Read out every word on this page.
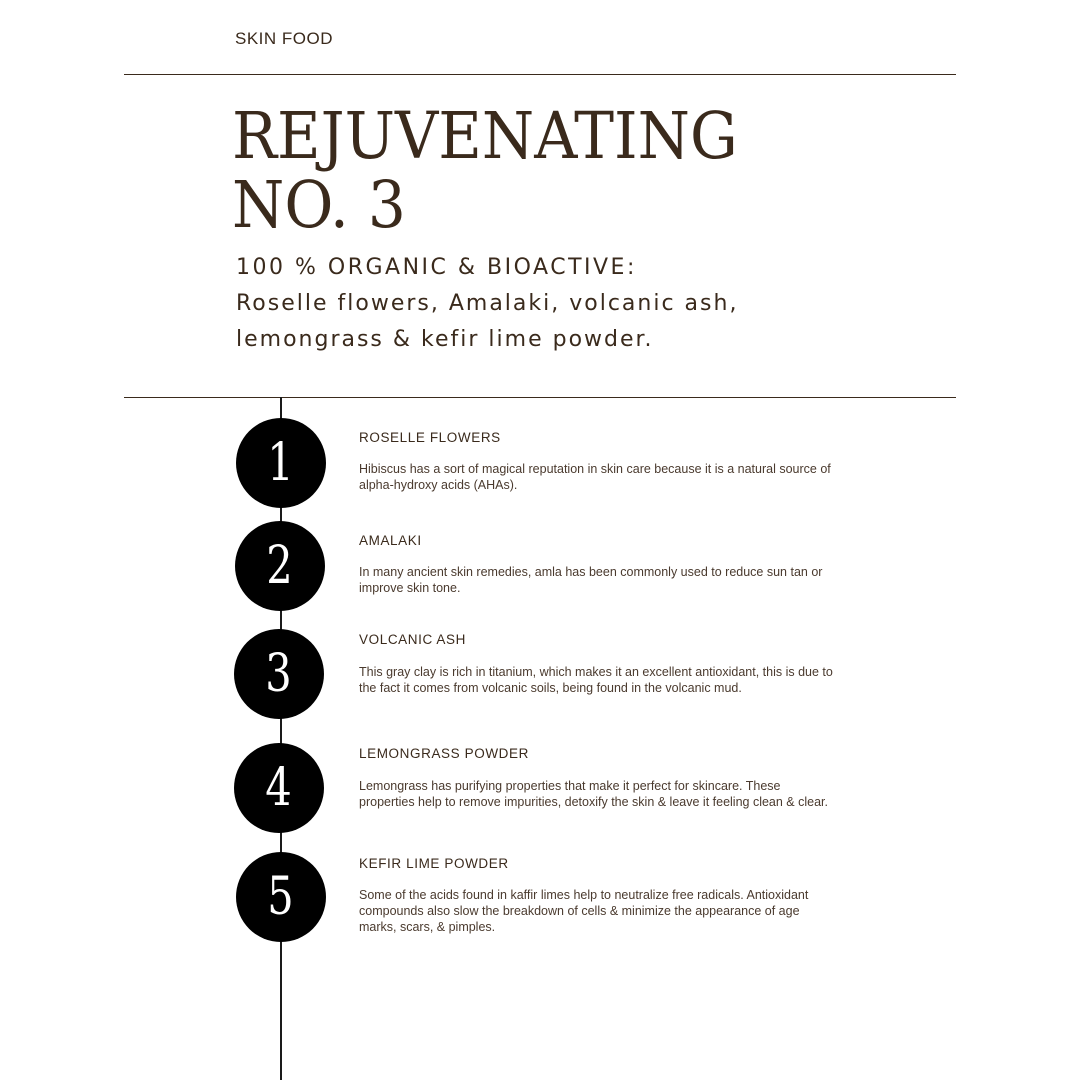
SKIN FOOD
REJUVENATING
NO. 3
100 % ORGANIC & BIOACTIVE:
Roselle flowers, Amalaki, volcanic ash, lemongrass & kefir lime powder.
1	ROSELLE FLOWERS
Hibiscus has a sort of magical reputation in skin care because it is a natural source of alpha-hydroxy acids (AHAs).
2	AMALAKI
In many ancient skin remedies, amla has been commonly used to reduce sun tan or improve skin tone.
3
VOLCANIC ASH
This gray clay is rich in titanium, which makes it an excellent antioxidant, this is due to the fact it comes from volcanic soils, being found in the volcanic mud.
4
LEMONGRASS POWDER
Lemongrass has purifying properties that make it perfect for skincare. These properties help to remove impurities, detoxify the skin & leave it feeling clean & clear.
5
KEFIR LIME POWDER
Some of the acids found in kaffir limes help to neutralize free radicals. Antioxidant compounds also slow the breakdown of cells & minimize the appearance of age marks, scars, & pimples.
